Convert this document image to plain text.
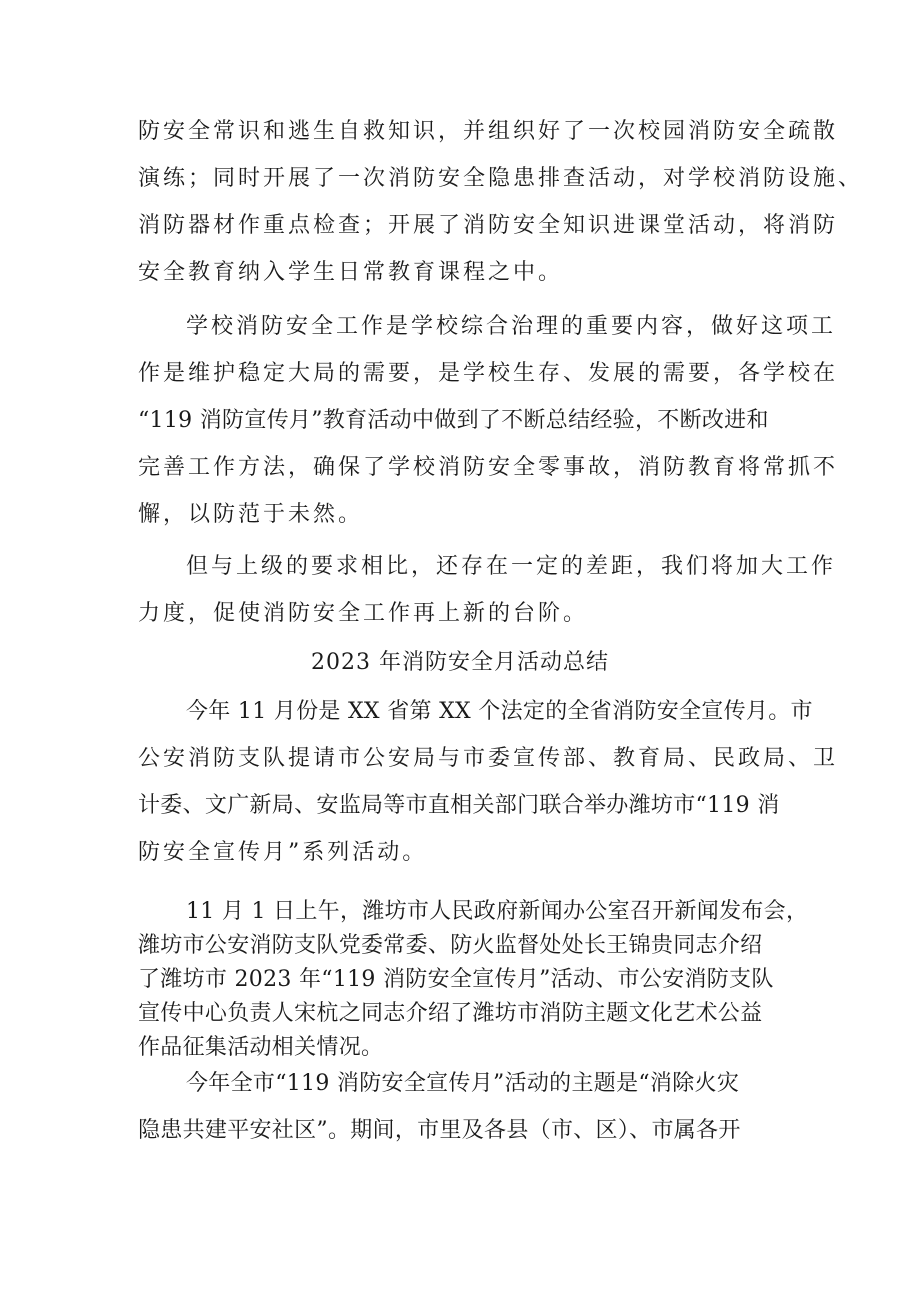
防安全常识和逃生自救知识，并组织好了一次校园消防安全疏散
演练；同时开展了一次消防安全隐患排查活动，对学校消防设施、
消防器材作重点检查；开展了消防安全知识进课堂活动，将消防
安全教育纳入学生日常教育课程之中。
学校消防安全工作是学校综合治理的重要内容，做好这项工
作是维护稳定大局的需要，是学校生存、发展的需要，各学校在
“119 消防宣传月”教育活动中做到了不断总结经验，不断改进和
完善工作方法，确保了学校消防安全零事故，消防教育将常抓不
懈，以防范于未然。
但与上级的要求相比，还存在一定的差距，我们将加大工作
力度，促使消防安全工作再上新的台阶。
2023 年消防安全月活动总结
今年 11 月份是 XX 省第 XX 个法定的全省消防安全宣传月。市
公安消防支队提请市公安局与市委宣传部、教育局、民政局、卫
计委、文广新局、安监局等市直相关部门联合举办潍坊市“119 消
防安全宣传月”系列活动。
11 月 1 日上午，潍坊市人民政府新闻办公室召开新闻发布会，
潍坊市公安消防支队党委常委、防火监督处处长王锦贵同志介绍
了潍坊市 2023 年“119 消防安全宣传月”活动、市公安消防支队
宣传中心负责人宋杭之同志介绍了潍坊市消防主题文化艺术公益
作品征集活动相关情况。
今年全市“119 消防安全宣传月”活动的主题是“消除火灾
隐患共建平安社区”。期间，市里及各县（市、区）、市属各开
